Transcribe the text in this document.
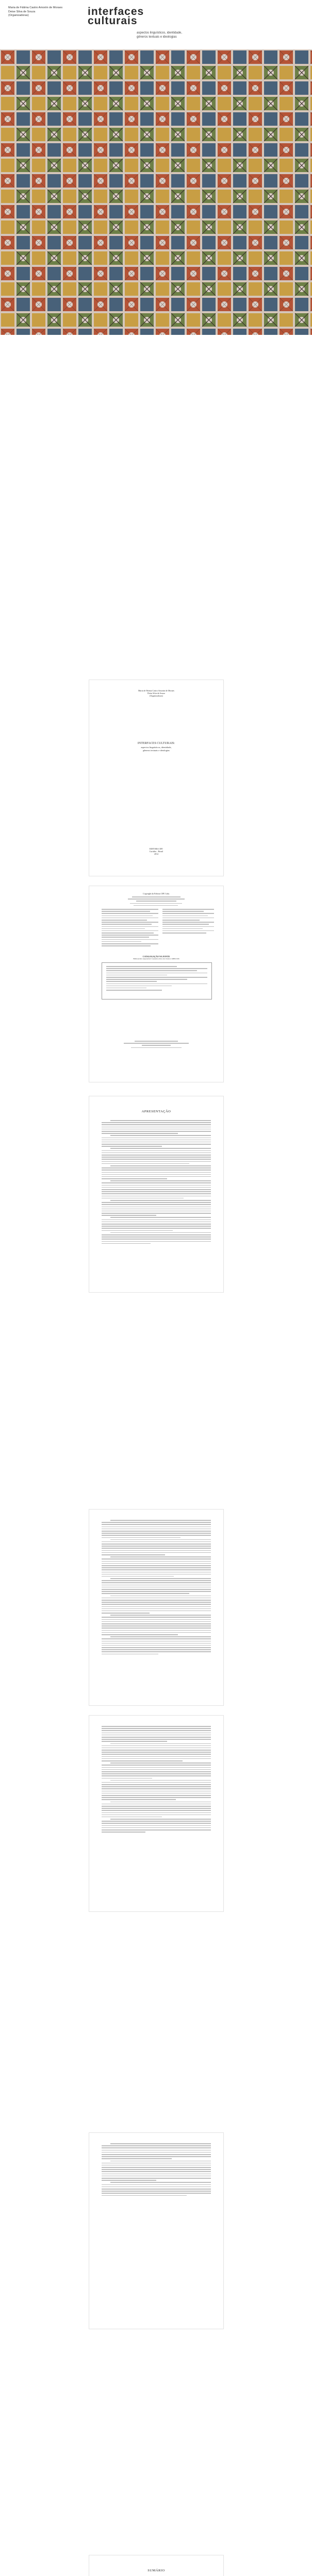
Maria de Fátima Castro Amorim de Moraes
Deise Silva de Souza
(Organizadoras)	interfaces
culturais
aspectos linguísticos, identidade,
gêneros textuais e ideologias
Maria de Fátima Castro Amorim de Moraes
Deise Silva de Souza
(Organizadoras)
INTERFACES CULTURAIS:
aspectos linguísticos, identidade,
gêneros textuais e ideologias
EDITORA CRV
Curitiba – Brasil
2014
Copyright da Editora CRV Ltda.
CATALOGAÇÃO NA FONTE
Bibliotecária responsável: Luzenira Alves dos Santos CRB9/1506
APRESENTAÇÃO
SUMÁRIO
